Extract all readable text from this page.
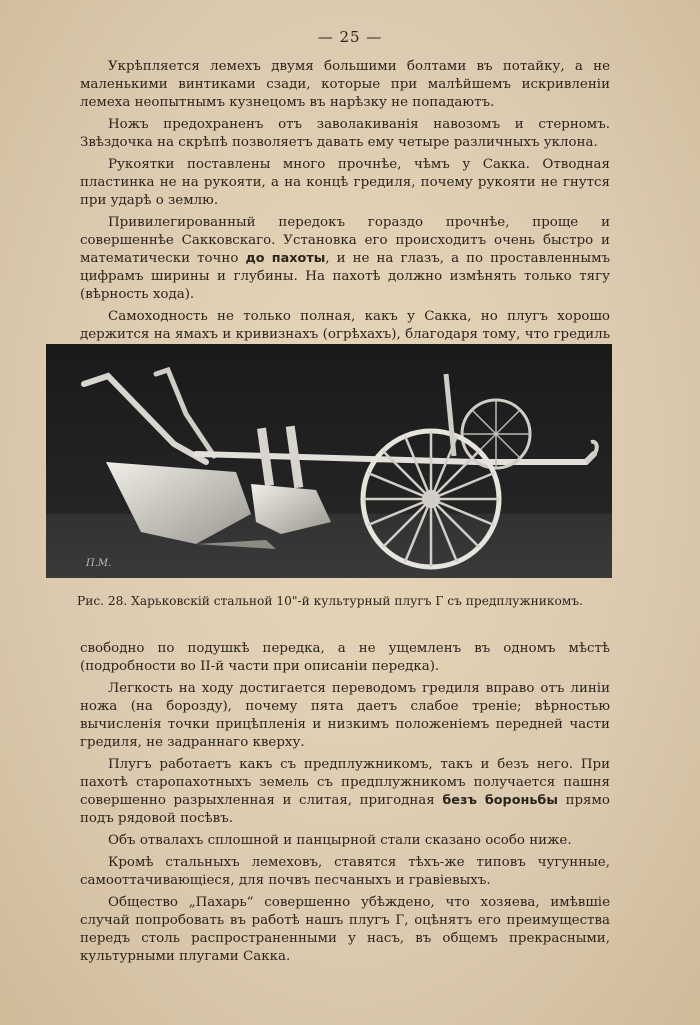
— 25 —

Укрѣпляется лемехъ двумя большими болтами въ потайку, а не маленькими винтиками сзади, которые при малѣйшемъ искривленiи лемеха неопытнымъ кузнецомъ въ нарѣзку не попадаютъ.

Ножъ предохраненъ отъ заволакиванiя навозомъ и стерномъ. Звѣздочка на скрѣпѣ позволяетъ давать ему четыре различныхъ уклона.

Рукоятки поставлены много прочнѣе, чѣмъ у Сакка. Отводная пластинка не на рукояти, а на концѣ гредиля, почему рукояти не гнутся при ударѣ о землю.

Привилегированный передокъ гораздо прочнѣе, проще и совершеннѣе Сакковскаго. Установка его происходитъ очень быстро и математически точно до пахоты, и не на глазъ, а по проставленнымъ цифрамъ ширины и глубины. На пахотѣ должно измѣнять только тягу (вѣрность хода).

Самоходность не только полная, какъ у Сакка, но плугъ хорошо держится на ямахъ и кривизнахъ (огрѣхахъ), благодаря тому, что гредиль

П.М.
Рис. 28. Харьковскiй стальной 10"-й культурный плугъ Г съ предплужникомъ.

свободно по подушкѣ передка, а не ущемленъ въ одномъ мѣстѣ (подробности во II-й части при описанiи передка).

Легкость на ходу достигается переводомъ гредиля вправо отъ линiи ножа (на борозду), почему пята даетъ слабое тренiе; вѣрностью вычисленiя точки прицѣпленiя и низкимъ положенiемъ передней части гредиля, не задраннаго кверху.

Плугъ работаетъ какъ съ предплужникомъ, такъ и безъ него. При пахотѣ старопахотныхъ земель съ предплужникомъ получается пашня совершенно разрыхленная и слитая, пригодная безъ бороньбы прямо подъ рядовой посѣвъ.

Объ отвалахъ сплошной и панцырной стали сказано особо ниже.

Кромѣ стальныхъ лемеховъ, ставятся тѣхъ-же типовъ чугунные, самооттачивающiеся, для почвъ песчаныхъ и гравiевыхъ.

Общество „Пахарь“ совершенно убѣждено, что хозяева, имѣвшiе случай попробовать въ работѣ нашъ плугъ Г, оцѣнятъ его преимущества передъ столь распространенными у насъ, въ общемъ прекрасными, культурными плугами Сакка.
